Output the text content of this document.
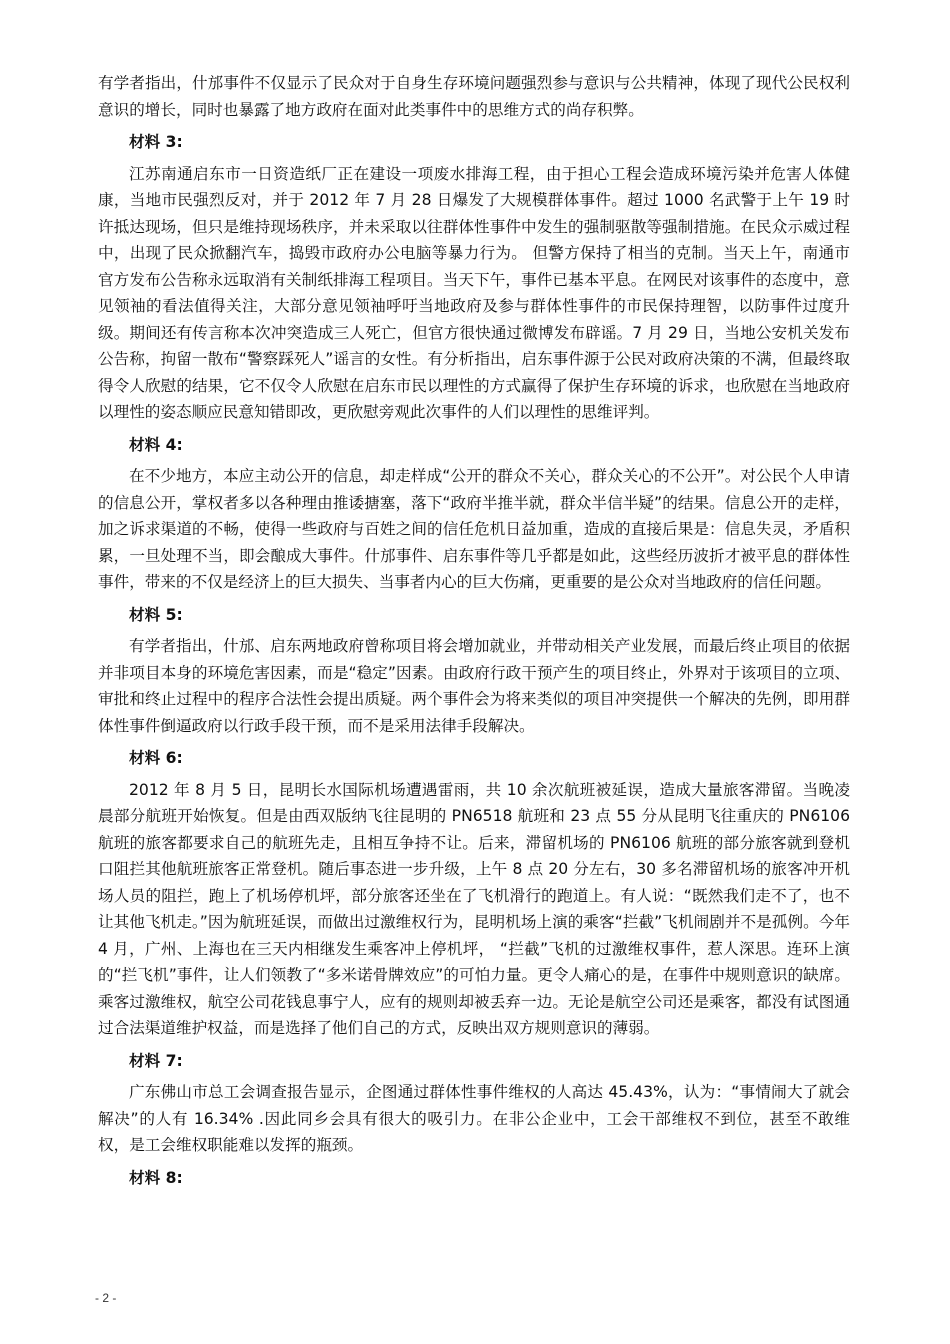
有学者指出，什邡事件不仅显示了民众对于自身生存环境问题强烈参与意识与公共精神，体现了现代公民权利意识的增长，同时也暴露了地方政府在面对此类事件中的思维方式的尚存积弊。

材料 3:

江苏南通启东市一日资造纸厂正在建设一项废水排海工程，由于担心工程会造成环境污染并危害人体健康，当地市民强烈反对，并于 2012 年 7 月 28 日爆发了大规模群体事件。超过 1000 名武警于上午 19 时许抵达现场，但只是维持现场秩序，并未采取以往群体性事件中发生的强制驱散等强制措施。在民众示威过程中，出现了民众掀翻汽车，捣毁市政府办公电脑等暴力行为。 但警方保持了相当的克制。当天上午，南通市官方发布公告称永远取消有关制纸排海工程项目。当天下午，事件已基本平息。在网民对该事件的态度中，意见领袖的看法值得关注，大部分意见领袖呼吁当地政府及参与群体性事件的市民保持理智，以防事件过度升级。期间还有传言称本次冲突造成三人死亡，但官方很快通过微博发布辟谣。7 月 29 日，当地公安机关发布公告称，拘留一散布“警察踩死人”谣言的女性。有分析指出，启东事件源于公民对政府决策的不满，但最终取得令人欣慰的结果，它不仅令人欣慰在启东市民以理性的方式赢得了保护生存环境的诉求，也欣慰在当地政府以理性的姿态顺应民意知错即改，更欣慰旁观此次事件的人们以理性的思维评判。

材料 4:

在不少地方，本应主动公开的信息，却走样成“公开的群众不关心，群众关心的不公开”。对公民个人申请的信息公开，掌权者多以各种理由推诿搪塞，落下“政府半推半就，群众半信半疑”的结果。信息公开的走样，加之诉求渠道的不畅，使得一些政府与百姓之间的信任危机日益加重，造成的直接后果是：信息失灵，矛盾积累，一旦处理不当，即会酿成大事件。什邡事件、启东事件等几乎都是如此，这些经历波折才被平息的群体性事件，带来的不仅是经济上的巨大损失、当事者内心的巨大伤痛，更重要的是公众对当地政府的信任问题。

材料 5:

有学者指出，什邡、启东两地政府曾称项目将会增加就业，并带动相关产业发展，而最后终止项目的依据并非项目本身的环境危害因素，而是“稳定”因素。由政府行政干预产生的项目终止，外界对于该项目的立项、审批和终止过程中的程序合法性会提出质疑。两个事件会为将来类似的项目冲突提供一个解决的先例，即用群体性事件倒逼政府以行政手段干预，而不是采用法律手段解决。

材料 6:

2012 年 8 月 5 日，昆明长水国际机场遭遇雷雨，共 10 余次航班被延误，造成大量旅客滞留。当晚凌晨部分航班开始恢复。但是由西双版纳飞往昆明的 PN6518 航班和 23 点 55 分从昆明飞往重庆的 PN6106 航班的旅客都要求自己的航班先走，且相互争持不让。后来，滞留机场的 PN6106 航班的部分旅客就到登机口阻拦其他航班旅客正常登机。随后事态进一步升级，上午 8 点 20 分左右，30 多名滞留机场的旅客冲开机场人员的阻拦，跑上了机场停机坪，部分旅客还坐在了飞机滑行的跑道上。有人说：“既然我们走不了，也不让其他飞机走。”因为航班延误，而做出过激维权行为，昆明机场上演的乘客“拦截”飞机闹剧并不是孤例。今年 4 月，广州、上海也在三天内相继发生乘客冲上停机坪， “拦截”飞机的过激维权事件，惹人深思。连环上演的“拦飞机”事件，让人们领教了“多米诺骨牌效应”的可怕力量。更令人痛心的是，在事件中规则意识的缺席。乘客过激维权，航空公司花钱息事宁人，应有的规则却被丢弃一边。无论是航空公司还是乘客，都没有试图通过合法渠道维护权益，而是选择了他们自己的方式，反映出双方规则意识的薄弱。

材料 7:

广东佛山市总工会调查报告显示，企图通过群体性事件维权的人高达 45.43%，认为：“事情闹大了就会解决”的人有 16.34% .因此同乡会具有很大的吸引力。在非公企业中，工会干部维权不到位，甚至不敢维权，是工会维权职能难以发挥的瓶颈。

材料 8:

- 2 -
